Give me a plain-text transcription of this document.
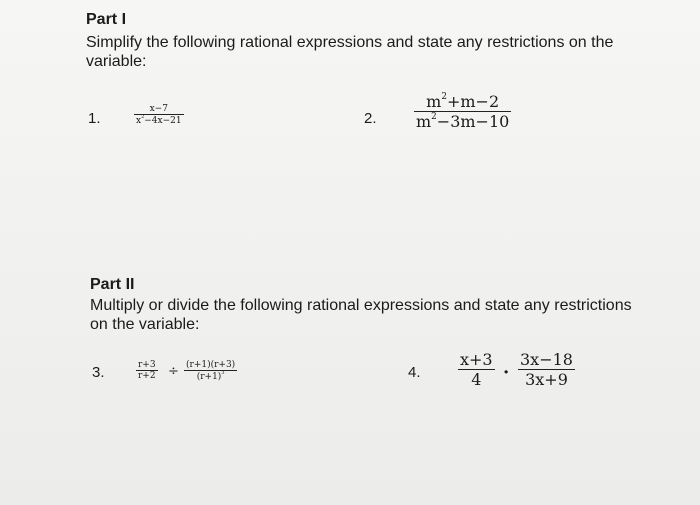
Part I
Simplify the following rational expressions and state any restrictions on the variable:
1.
x−7
$x^2-4x-21$	2.
$m^2+m-2$
$m^2-3m-10$
Part II
Multiply or divide the following rational expressions and state any restrictions on the variable:
3.	r+3
r+2 ÷ (r+1)(r+3)
$(r+1)^3$	4.
x+3
4 ·
3x−18
3x+9
